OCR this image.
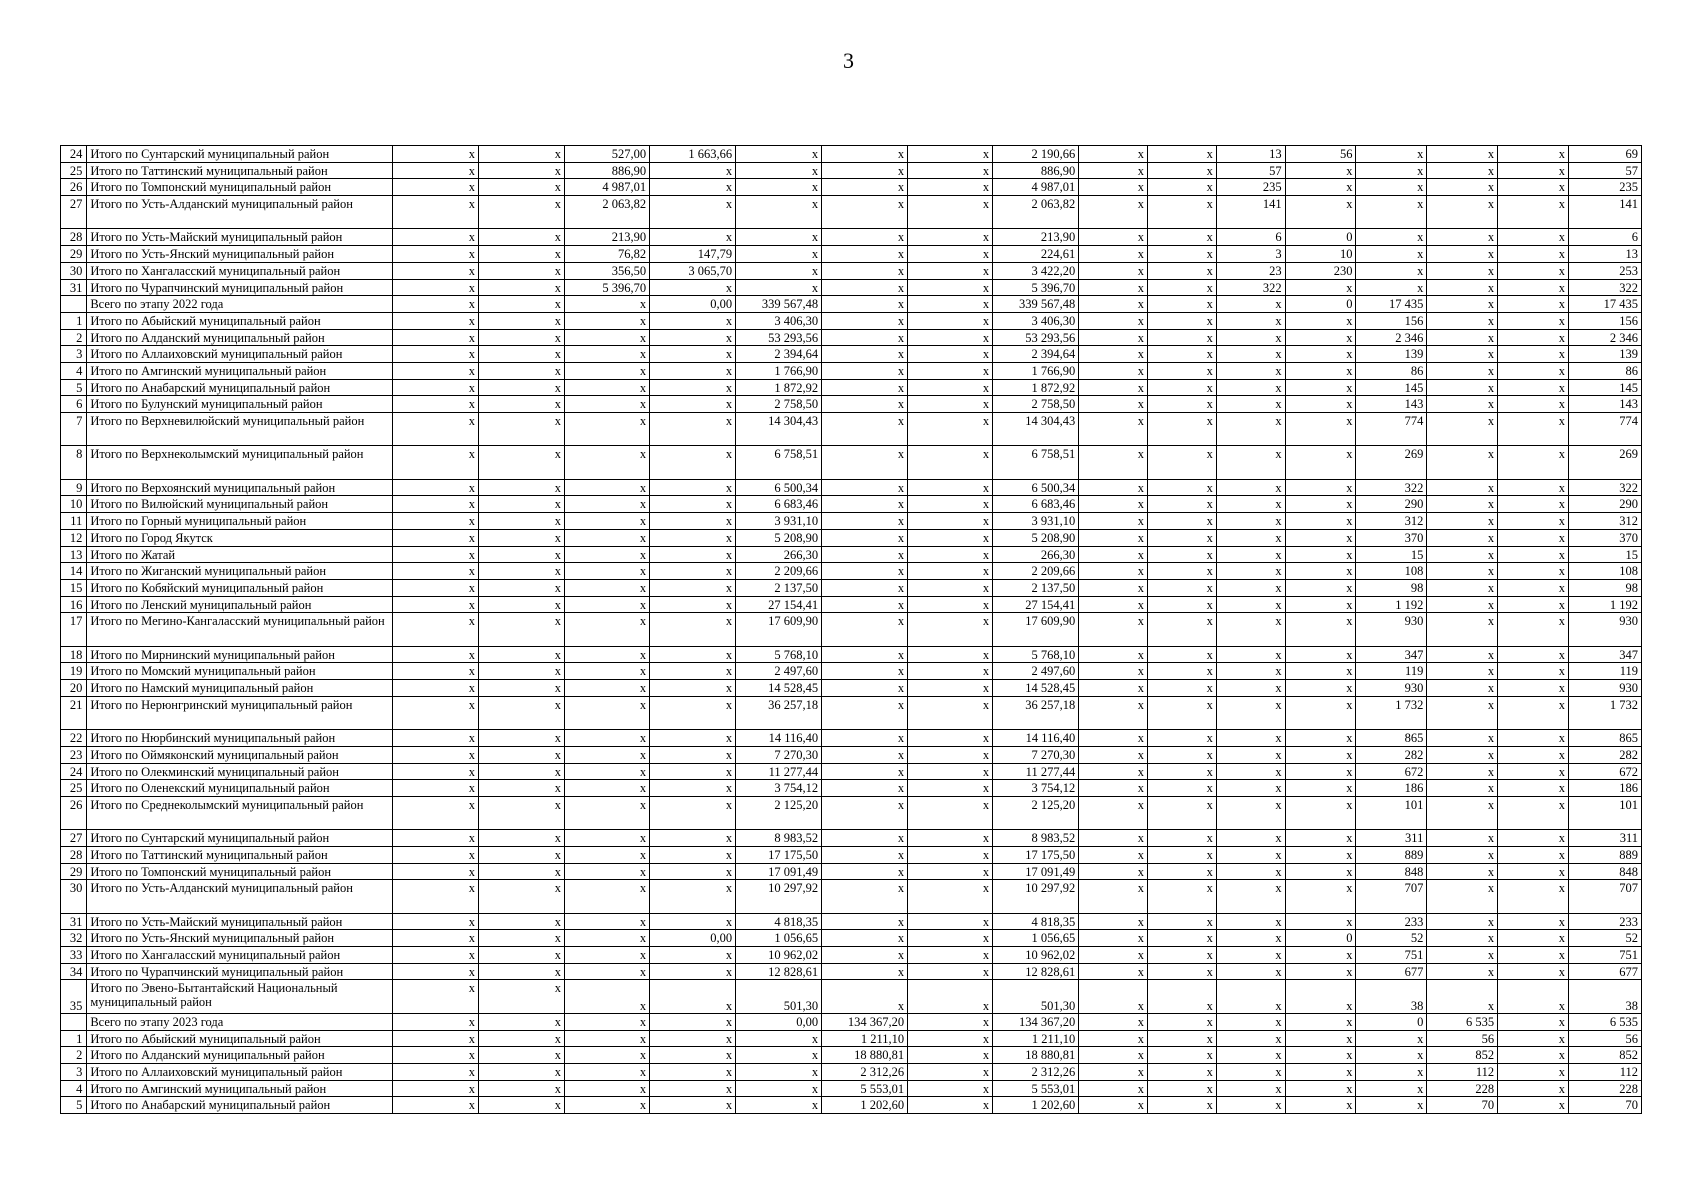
3
24	Итого по Сунтарский муниципальный район	x	x	527,00	1 663,66	x	x	x	2 190,66	x	x	13	56	x	x	x	69
25	Итого по Таттинский муниципальный район	x	x	886,90	x	x	x	x	886,90	x	x	57	x	x	x	x	57
26	Итого по Томпонский муниципальный район	x	x	4 987,01	x	x	x	x	4 987,01	x	x	235	x	x	x	x	235
27	Итого по Усть-Алданский муниципальный район	x	x	2 063,82	x	x	x	x	2 063,82	x	x	141	x	x	x	x	141
28	Итого по Усть-Майский муниципальный район	x	x	213,90	x	x	x	x	213,90	x	x	6	0	x	x	x	6
29	Итого по Усть-Янский муниципальный район	x	x	76,82	147,79	x	x	x	224,61	x	x	3	10	x	x	x	13
30	Итого по Хангаласский муниципальный район	x	x	356,50	3 065,70	x	x	x	3 422,20	x	x	23	230	x	x	x	253
31	Итого по Чурапчинский муниципальный район	x	x	5 396,70	x	x	x	x	5 396,70	x	x	322	x	x	x	x	322
	Всего по этапу 2022 года	x	x	x	0,00	339 567,48	x	x	339 567,48	x	x	x	0	17 435	x	x	17 435
1	Итого по Абыйский муниципальный район	x	x	x	x	3 406,30	x	x	3 406,30	x	x	x	x	156	x	x	156
2	Итого по Алданский муниципальный район	x	x	x	x	53 293,56	x	x	53 293,56	x	x	x	x	2 346	x	x	2 346
3	Итого по Аллаиховский муниципальный район	x	x	x	x	2 394,64	x	x	2 394,64	x	x	x	x	139	x	x	139
4	Итого по Амгинский муниципальный район	x	x	x	x	1 766,90	x	x	1 766,90	x	x	x	x	86	x	x	86
5	Итого по Анабарский муниципальный район	x	x	x	x	1 872,92	x	x	1 872,92	x	x	x	x	145	x	x	145
6	Итого по Булунский муниципальный район	x	x	x	x	2 758,50	x	x	2 758,50	x	x	x	x	143	x	x	143
7	Итого по Верхневилюйский муниципальный район	x	x	x	x	14 304,43	x	x	14 304,43	x	x	x	x	774	x	x	774
8	Итого по Верхнеколымский муниципальный район	x	x	x	x	6 758,51	x	x	6 758,51	x	x	x	x	269	x	x	269
9	Итого по Верхоянский муниципальный район	x	x	x	x	6 500,34	x	x	6 500,34	x	x	x	x	322	x	x	322
10	Итого по Вилюйский муниципальный район	x	x	x	x	6 683,46	x	x	6 683,46	x	x	x	x	290	x	x	290
11	Итого по Горный муниципальный район	x	x	x	x	3 931,10	x	x	3 931,10	x	x	x	x	312	x	x	312
12	Итого по Город Якутск	x	x	x	x	5 208,90	x	x	5 208,90	x	x	x	x	370	x	x	370
13	Итого по Жатай	x	x	x	x	266,30	x	x	266,30	x	x	x	x	15	x	x	15
14	Итого по Жиганский муниципальный район	x	x	x	x	2 209,66	x	x	2 209,66	x	x	x	x	108	x	x	108
15	Итого по Кобяйский муниципальный район	x	x	x	x	2 137,50	x	x	2 137,50	x	x	x	x	98	x	x	98
16	Итого по Ленский муниципальный район	x	x	x	x	27 154,41	x	x	27 154,41	x	x	x	x	1 192	x	x	1 192
17	Итого по Мегино-Кангаласский муниципальный район	x	x	x	x	17 609,90	x	x	17 609,90	x	x	x	x	930	x	x	930
18	Итого по Мирнинский муниципальный район	x	x	x	x	5 768,10	x	x	5 768,10	x	x	x	x	347	x	x	347
19	Итого по Момский муниципальный район	x	x	x	x	2 497,60	x	x	2 497,60	x	x	x	x	119	x	x	119
20	Итого по Намский муниципальный район	x	x	x	x	14 528,45	x	x	14 528,45	x	x	x	x	930	x	x	930
21	Итого по Нерюнгринский муниципальный район	x	x	x	x	36 257,18	x	x	36 257,18	x	x	x	x	1 732	x	x	1 732
22	Итого по Нюрбинский муниципальный район	x	x	x	x	14 116,40	x	x	14 116,40	x	x	x	x	865	x	x	865
23	Итого по Оймяконский муниципальный район	x	x	x	x	7 270,30	x	x	7 270,30	x	x	x	x	282	x	x	282
24	Итого по Олекминский муниципальный район	x	x	x	x	11 277,44	x	x	11 277,44	x	x	x	x	672	x	x	672
25	Итого по Оленекский муниципальный район	x	x	x	x	3 754,12	x	x	3 754,12	x	x	x	x	186	x	x	186
26	Итого по Среднеколымский муниципальный район	x	x	x	x	2 125,20	x	x	2 125,20	x	x	x	x	101	x	x	101
27	Итого по Сунтарский муниципальный район	x	x	x	x	8 983,52	x	x	8 983,52	x	x	x	x	311	x	x	311
28	Итого по Таттинский муниципальный район	x	x	x	x	17 175,50	x	x	17 175,50	x	x	x	x	889	x	x	889
29	Итого по Томпонский муниципальный район	x	x	x	x	17 091,49	x	x	17 091,49	x	x	x	x	848	x	x	848
30	Итого по Усть-Алданский муниципальный район	x	x	x	x	10 297,92	x	x	10 297,92	x	x	x	x	707	x	x	707
31	Итого по Усть-Майский муниципальный район	x	x	x	x	4 818,35	x	x	4 818,35	x	x	x	x	233	x	x	233
32	Итого по Усть-Янский муниципальный район	x	x	x	0,00	1 056,65	x	x	1 056,65	x	x	x	0	52	x	x	52
33	Итого по Хангаласский муниципальный район	x	x	x	x	10 962,02	x	x	10 962,02	x	x	x	x	751	x	x	751
34	Итого по Чурапчинский муниципальный район	x	x	x	x	12 828,61	x	x	12 828,61	x	x	x	x	677	x	x	677
35	Итого по Эвено-Бытантайский Национальный муниципальный район	x	x	x	x	501,30	x	x	501,30	x	x	x	x	38	x	x	38
	Всего по этапу 2023 года	x	x	x	x	0,00	134 367,20	x	134 367,20	x	x	x	x	0	6 535	x	6 535
1	Итого по Абыйский муниципальный район	x	x	x	x	x	1 211,10	x	1 211,10	x	x	x	x	x	56	x	56
2	Итого по Алданский муниципальный район	x	x	x	x	x	18 880,81	x	18 880,81	x	x	x	x	x	852	x	852
3	Итого по Аллаиховский муниципальный район	x	x	x	x	x	2 312,26	x	2 312,26	x	x	x	x	x	112	x	112
4	Итого по Амгинский муниципальный район	x	x	x	x	x	5 553,01	x	5 553,01	x	x	x	x	x	228	x	228
5	Итого по Анабарский муниципальный район	x	x	x	x	x	1 202,60	x	1 202,60	x	x	x	x	x	70	x	70
